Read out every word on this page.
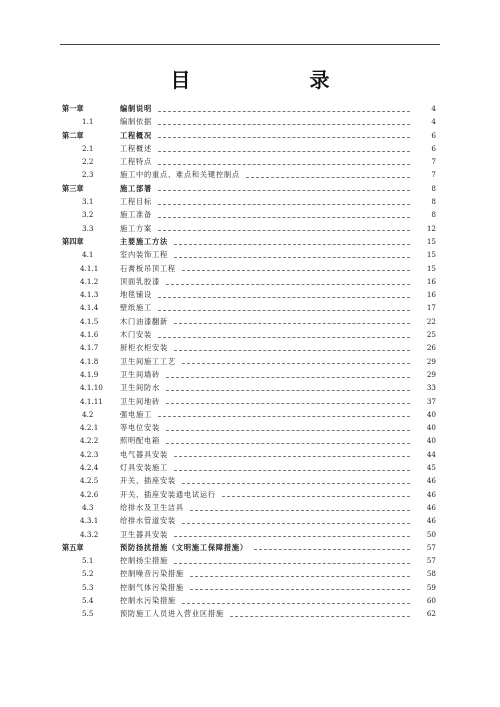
目 录
第一章	编制说明	4
1.1	编制依据	4
第二章	工程概况	6
2.1	工程概述	6
2.2	工程特点	7
2.3	施工中的重点、难点和关键控制点	7
第三章	施工部署	8
3.1	工程目标	8
3.2	施工准备	8
3.3	施工方案	12
第四章	主要施工方法	15
4.1	室内装饰工程	15
4.1.1	石膏板吊顶工程	15
4.1.2	顶面乳胶漆	16
4.1.3	地毯铺设	16
4.1.4	壁纸施工	17
4.1.5	木门油漆翻新	22
4.1.6	木门安装	25
4.1.7	厨柜衣柜安装	26
4.1.8	卫生间施工工艺	29
4.1.9	卫生间墙砖	29
4.1.10	卫生间防水	33
4.1.11	卫生间地砖	37
4.2	强电施工	40
4.2.1	等电位安装	40
4.2.2	照明配电箱	40
4.2.3	电气器具安装	44
4.2.4	灯具安装施工	45
4.2.5	开关、插座安装	46
4.2.6	开关、插座安装通电试运行	46
4.3	给排水及卫生洁具	46
4.3.1	给排水管道安装	46
4.3.2	卫生器具安装	50
第五章	预防扬扰措施（文明施工保障措施）	57
5.1	控制扬尘措施	57
5.2	控制噪音污染措施	58
5.3	控制气体污染措施	59
5.4	控制水污染措施	60
5.5	预防施工人员进入营业区措施	62
